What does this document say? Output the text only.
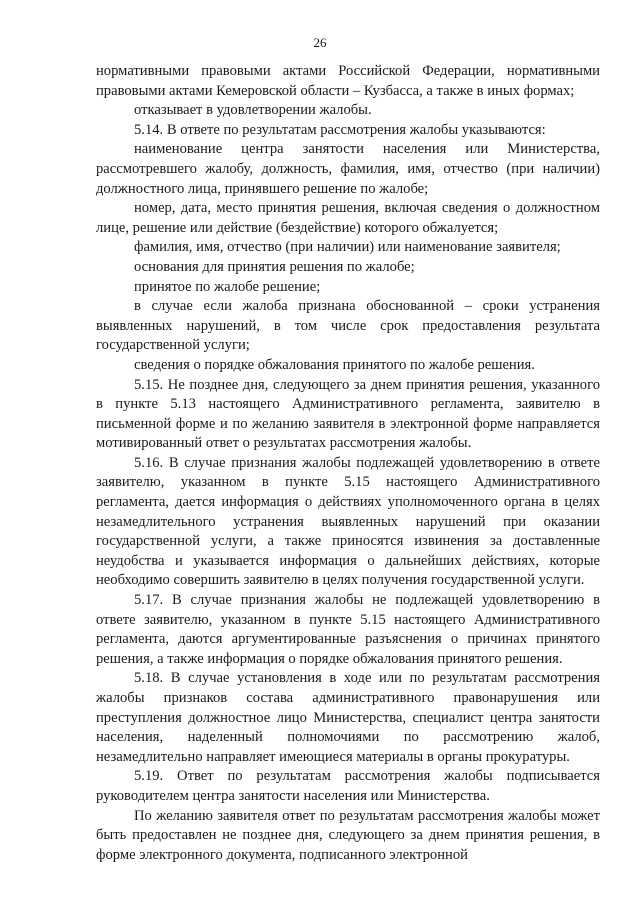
26

нормативными правовыми актами Российской Федерации, нормативными правовыми актами Кемеровской области – Кузбасса, а также в иных формах;

отказывает в удовлетворении жалобы.

5.14. В ответе по результатам рассмотрения жалобы указываются:

наименование центра занятости населения или Министерства, рассмотревшего жалобу, должность, фамилия, имя, отчество (при наличии) должностного лица, принявшего решение по жалобе;

номер, дата, место принятия решения, включая сведения о должностном лице, решение или действие (бездействие) которого обжалуется;

фамилия, имя, отчество (при наличии) или наименование заявителя;

основания для принятия решения по жалобе;

принятое по жалобе решение;

в случае если жалоба признана обоснованной – сроки устранения выявленных нарушений, в том числе срок предоставления результата государственной услуги;

сведения о порядке обжалования принятого по жалобе решения.

5.15. Не позднее дня, следующего за днем принятия решения, указанного в пункте 5.13 настоящего Административного регламента, заявителю в письменной форме и по желанию заявителя в электронной форме направляется мотивированный ответ о результатах рассмотрения жалобы.

5.16. В случае признания жалобы подлежащей удовлетворению в ответе заявителю, указанном в пункте 5.15 настоящего Административного регламента, дается информация о действиях уполномоченного органа в целях незамедлительного устранения выявленных нарушений при оказании государственной услуги, а также приносятся извинения за доставленные неудобства и указывается информация о дальнейших действиях, которые необходимо совершить заявителю в целях получения государственной услуги.

5.17. В случае признания жалобы не подлежащей удовлетворению в ответе заявителю, указанном в пункте 5.15 настоящего Административного регламента, даются аргументированные разъяснения о причинах принятого решения, а также информация о порядке обжалования принятого решения.

5.18. В случае установления в ходе или по результатам рассмотрения жалобы признаков состава административного правонарушения или преступления должностное лицо Министерства, специалист центра занятости населения, наделенный полномочиями по рассмотрению жалоб, незамедлительно направляет имеющиеся материалы в органы прокуратуры.

5.19. Ответ по результатам рассмотрения жалобы подписывается руководителем центра занятости населения или Министерства.

По желанию заявителя ответ по результатам рассмотрения жалобы может быть предоставлен не позднее дня, следующего за днем принятия решения, в форме электронного документа, подписанного электронной
